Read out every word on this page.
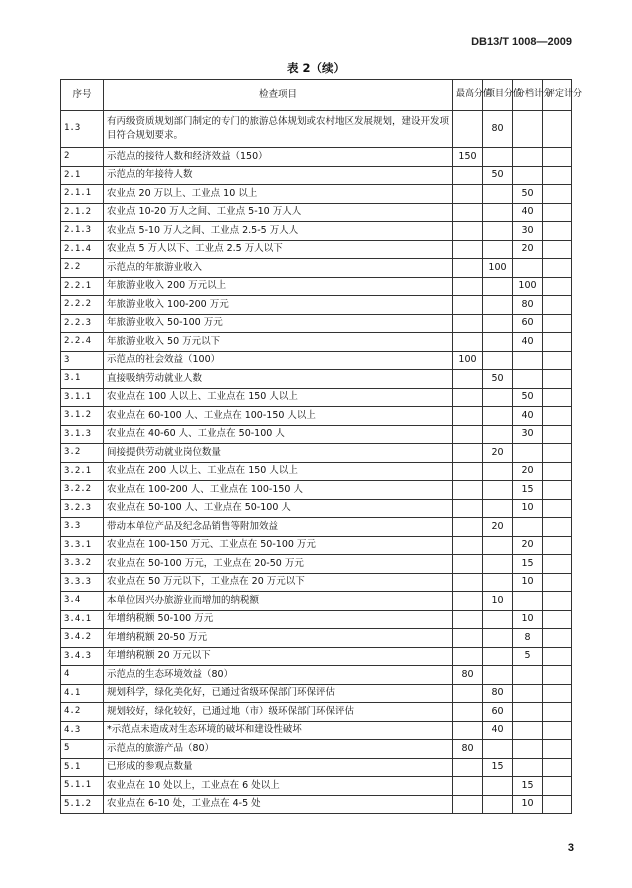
DB13/T 1008—2009
表 2（续）
序号	检查项目	最高分值	项目分值	分档计分	评定计分
1.3	有丙级资质规划部门制定的专门的旅游总体规划或农村地区发展规划，建设开发项目符合规划要求。		80		
2	示范点的接待人数和经济效益（150）	150			
2.1	示范点的年接待人数		50		
2.1.1	农业点 20 万以上、工业点 10 以上			50	
2.1.2	农业点 10-20 万人之间、工业点 5-10 万人人			40	
2.1.3	农业点 5-10 万人之间、工业点 2.5-5 万人人			30	
2.1.4	农业点 5 万人以下、工业点 2.5 万人以下			20	
2.2	示范点的年旅游业收入		100		
2.2.1	年旅游业收入 200 万元以上			100	
2.2.2	年旅游业收入 100-200 万元			80	
2.2.3	年旅游业收入 50-100 万元			60	
2.2.4	年旅游业收入 50 万元以下			40	
3	示范点的社会效益（100）	100			
3.1	直接吸纳劳动就业人数		50		
3.1.1	农业点在 100 人以上、工业点在 150 人以上			50	
3.1.2	农业点在 60-100 人、工业点在 100-150 人以上			40	
3.1.3	农业点在 40-60 人、工业点在 50-100 人			30	
3.2	间接提供劳动就业岗位数量		20		
3.2.1	农业点在 200 人以上、工业点在 150 人以上			20	
3.2.2	农业点在 100-200 人、工业点在 100-150 人			15	
3.2.3	农业点在 50-100 人、工业点在 50-100 人			10	
3.3	带动本单位产品及纪念品销售等附加效益		20		
3.3.1	农业点在 100-150 万元、工业点在 50-100 万元			20	
3.3.2	农业点在 50-100 万元，工业点在 20-50 万元			15	
3.3.3	农业点在 50 万元以下，工业点在 20 万元以下			10	
3.4	本单位因兴办旅游业而增加的纳税额		10		
3.4.1	年增纳税额 50-100 万元			10	
3.4.2	年增纳税额 20-50 万元			8	
3.4.3	年增纳税额 20 万元以下			5	
4	示范点的生态环境效益（80）	80			
4.1	规划科学，绿化美化好，已通过省级环保部门环保评估		80		
4.2	规划较好，绿化较好，已通过地（市）级环保部门环保评估		60		
4.3	*示范点未造成对生态环境的破坏和建设性破坏		40		
5	示范点的旅游产品（80）	80			
5.1	已形成的参观点数量		15		
5.1.1	农业点在 10 处以上，工业点在 6 处以上			15	
5.1.2	农业点在 6-10 处，工业点在 4-5 处			10	
3
